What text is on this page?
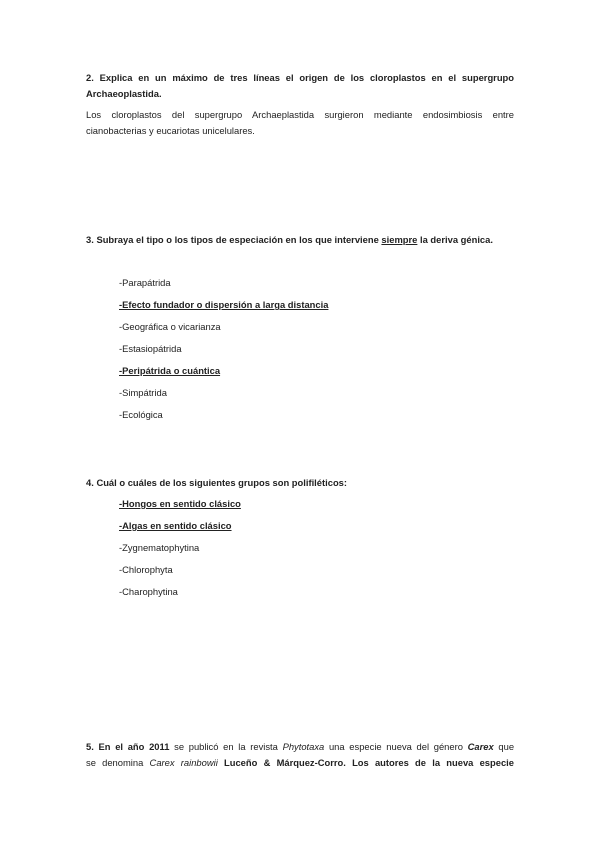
2. Explica en un máximo de tres líneas el origen de los cloroplastos en el supergrupo
Archaeoplastida.
Los cloroplastos del supergrupo Archaeplastida surgieron mediante endosimbiosis entre
cianobacterias y eucariotas unicelulares.
3. Subraya el tipo o los tipos de especiación en los que interviene siempre la deriva génica.
-Parapátrida
-Efecto fundador o dispersión a larga distancia
-Geográfica o vicarianza
-Estasiopátrida
-Peripátrida o cuántica
-Simpátrida
-Ecológica
4. Cuál o cuáles de los siguientes grupos son polifiléticos:
-Hongos en sentido clásico
-Algas en sentido clásico
-Zygnematophytina
-Chlorophyta
-Charophytina
5. En el año 2011 se publicó en la revista Phytotaxa una especie nueva del género Carex que
se denomina Carex rainbowii Luceño & Márquez-Corro. Los autores de la nueva especie
